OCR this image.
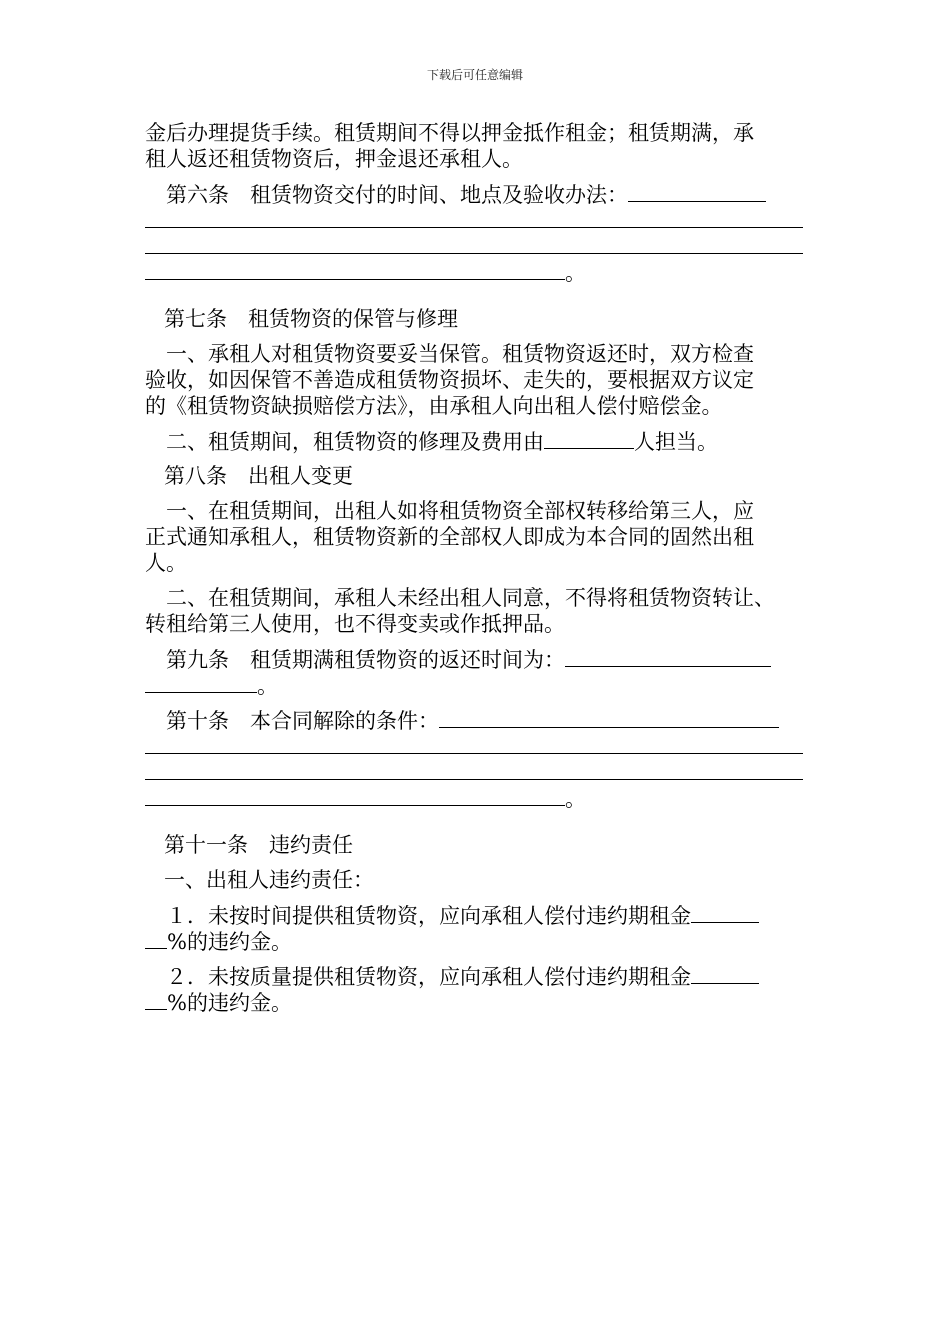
下载后可任意编辑
金后办理提货手续。租赁期间不得以押金抵作租金；租赁期满，承
租人返还租赁物资后，押金退还承租人。
第六条　租赁物资交付的时间、地点及验收办法：
。
第七条　租赁物资的保管与修理
一、承租人对租赁物资要妥当保管。租赁物资返还时，双方检查
验收，如因保管不善造成租赁物资损坏、走失的，要根据双方议定
的《租赁物资缺损赔偿方法》，由承租人向出租人偿付赔偿金。
二、租赁期间，租赁物资的修理及费用由	人担当。
第八条　出租人变更
一、在租赁期间，出租人如将租赁物资全部权转移给第三人，应
正式通知承租人，租赁物资新的全部权人即成为本合同的固然出租
人。
二、在租赁期间，承租人未经出租人同意，不得将租赁物资转让、
转租给第三人使用，也不得变卖或作抵押品。
第九条　租赁期满租赁物资的返还时间为：
。
第十条　本合同解除的条件：
。
第十一条　违约责任
一、出租人违约责任：
１．未按时间提供租赁物资，应向承租人偿付违约期租金
%的违约金。
２．未按质量提供租赁物资，应向承租人偿付违约期租金
%的违约金。
